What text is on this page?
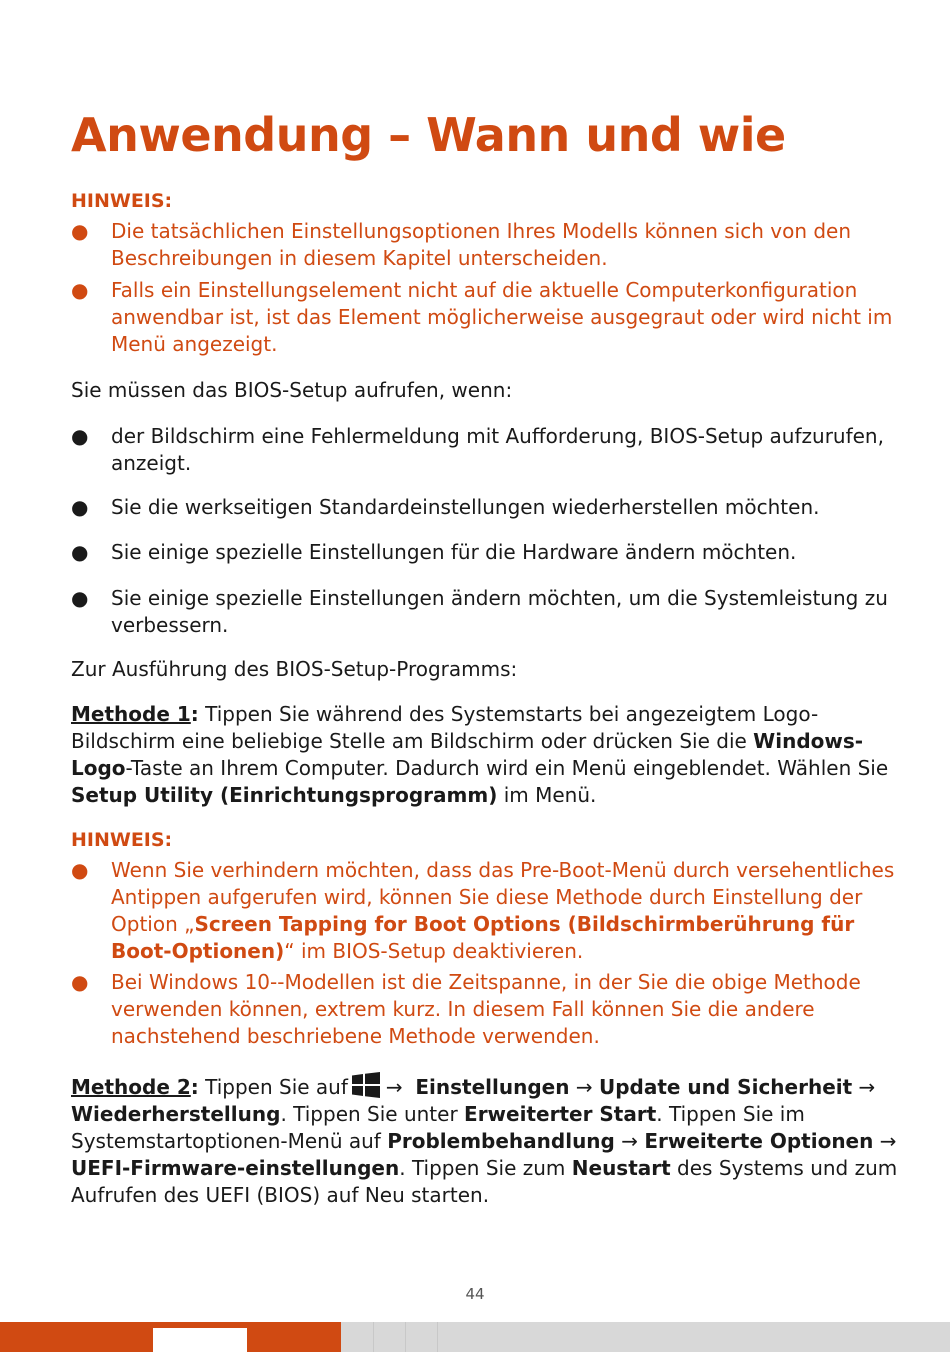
Anwendung – Wann und wie
HINWEIS:
● Die tatsächlichen Einstellungsoptionen Ihres Modells können sich von den Beschreibungen in diesem Kapitel unterscheiden.
● Falls ein Einstellungselement nicht auf die aktuelle Computerkonfiguration anwendbar ist, ist das Element möglicherweise ausgegraut oder wird nicht im Menü angezeigt.

Sie müssen das BIOS-Setup aufrufen, wenn:

● der Bildschirm eine Fehlermeldung mit Aufforderung, BIOS-Setup aufzurufen, anzeigt.
● Sie die werkseitigen Standardeinstellungen wiederherstellen möchten.
● Sie einige spezielle Einstellungen für die Hardware ändern möchten.
● Sie einige spezielle Einstellungen ändern möchten, um die Systemleistung zu verbessern.

Zur Ausführung des BIOS-Setup-Programms:

Methode 1: Tippen Sie während des Systemstarts bei angezeigtem Logo-Bildschirm eine beliebige Stelle am Bildschirm oder drücken Sie die Windows-Logo-Taste an Ihrem Computer. Dadurch wird ein Menü eingeblendet. Wählen Sie Setup Utility (Einrichtungsprogramm) im Menü.

HINWEIS:
● Wenn Sie verhindern möchten, dass das Pre-Boot-Menü durch versehentliches Antippen aufgerufen wird, können Sie diese Methode durch Einstellung der Option „Screen Tapping for Boot Options (Bildschirmberührung für Boot-Optionen)“ im BIOS-Setup deaktivieren.
● Bei Windows 10--Modellen ist die Zeitspanne, in der Sie die obige Methode verwenden können, extrem kurz. In diesem Fall können Sie die andere nachstehend beschriebene Methode verwenden.

Methode 2: Tippen Sie auf → Einstellungen → Update und Sicherheit → Wiederherstellung. Tippen Sie unter Erweiterter Start. Tippen Sie im Systemstartoptionen-Menü auf Problembehandlung → Erweiterte Optionen → UEFI-Firmware-einstellungen. Tippen Sie zum Neustart des Systems und zum Aufrufen des UEFI (BIOS) auf Neu starten.

44
